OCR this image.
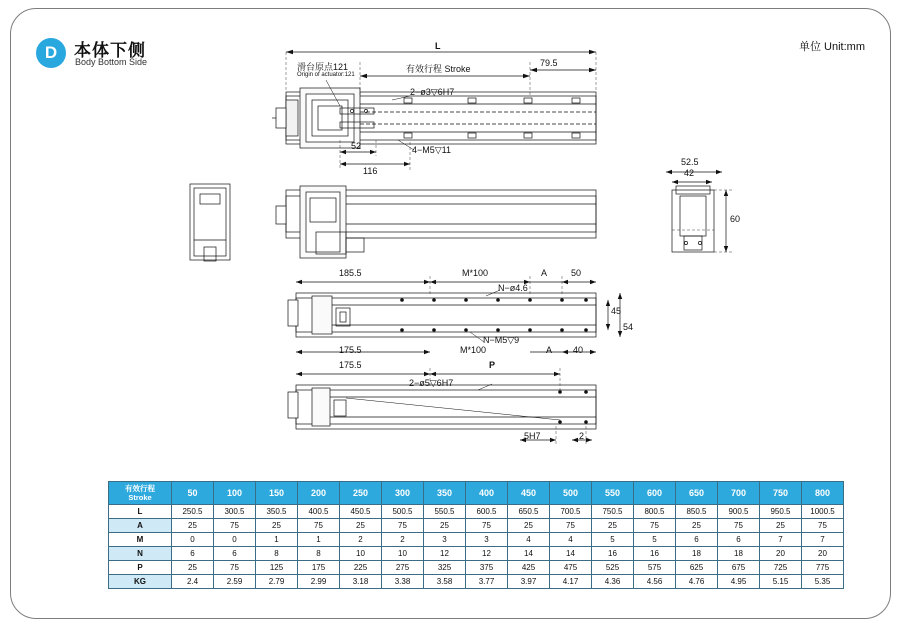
D 本体下侧
Body Bottom Side
单位 Unit:mm
L
滑台原点121
Origin of actuator:121
有效行程 Stroke
79.5
2−ø3▽6H7
4−M5▽11
52
116
52.5
42
60
185.5	M*100	A	50
N−ø4.6
45
54
175.5	M*100
N−M5▽9
A 40
175.5	P
2−ø5▽6H7
5H7	2
有效行程
Stroke	50	100	150	200	250	300	350	400	450	500	550	600	650	700	750	800
L	250.5	300.5	350.5	400.5	450.5	500.5	550.5	600.5	650.5	700.5	750.5	800.5	850.5	900.5	950.5	1000.5
A	25	75	25	75	25	75	25	75	25	75	25	75	25	75	25	75
M	0	0	1	1	2	2	3	3	4	4	5	5	6	6	7	7
N	6	6	8	8	10	10	12	12	14	14	16	16	18	18	20	20
P	25	75	125	175	225	275	325	375	425	475	525	575	625	675	725	775
KG	2.4	2.59	2.79	2.99	3.18	3.38	3.58	3.77	3.97	4.17	4.36	4.56	4.76	4.95	5.15	5.35
